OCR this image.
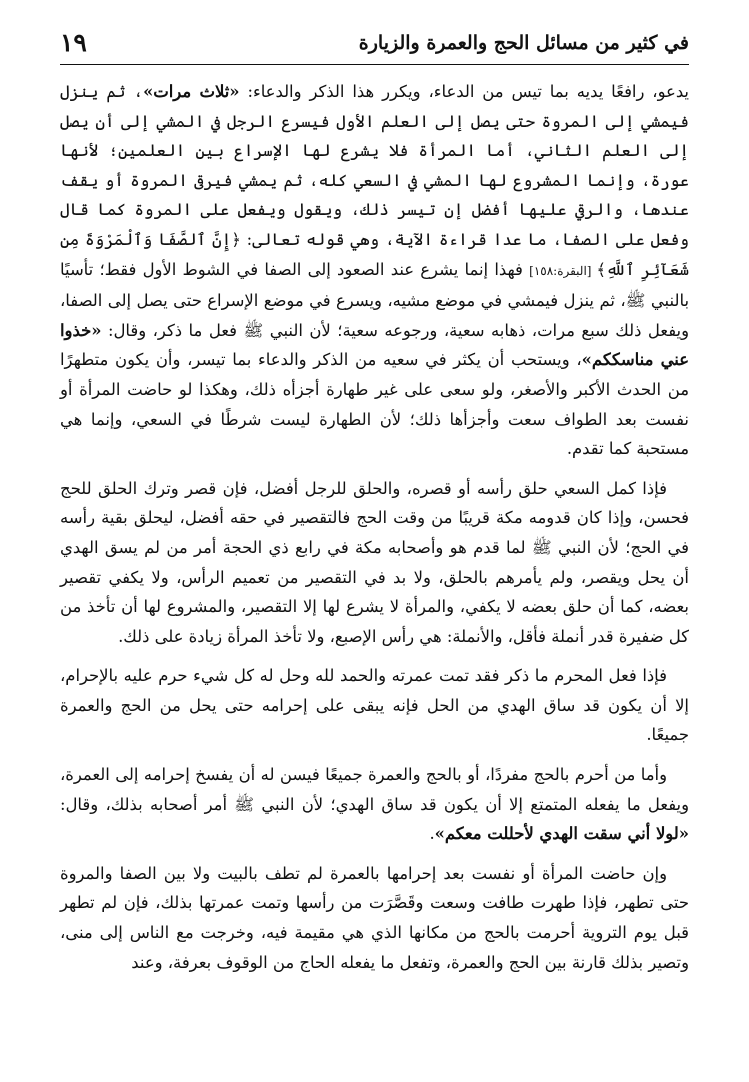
في كثير من مسائل الحج والعمرة والزيارة
١٩

يدعو، رافعًا يديه بما تيس من الدعاء، ويكرر هذا الذكر والدعاء: «ثلاث مرات»، ثم ينزل فيمشي إلى المروة حتى يصل إلى العلم الأول فيسرع الرجل في المشي إلى أن يصل إلى العلم الثاني، أما المرأة فلا يشرع لها الإسراع بين العلمين؛ لأنها عورة، وإنما المشروع لها المشي في السعي كله، ثم يمشي فيرقى المروة أو يقف عندها، والرقي عليها أفضل إن تيسر ذلك، ويقول ويفعل على المروة كما قال وفعل على الصفا، ما عدا قراءة الآية، وهي قوله تعالى: ﴿إِنَّ ٱلصَّفَا وَٱلْمَرْوَةَ مِن شَعَآئِرِ ٱللَّهِ﴾ [البقرة:١٥٨] فهذا إنما يشرع عند الصعود إلى الصفا في الشوط الأول فقط؛ تأسيًا بالنبي ﷺ، ثم ينزل فيمشي في موضع مشيه، ويسرع في موضع الإسراع حتى يصل إلى الصفا، ويفعل ذلك سبع مرات، ذهابه سعية، ورجوعه سعية؛ لأن النبي ﷺ فعل ما ذكر، وقال: «خذوا عني مناسككم»، ويستحب أن يكثر في سعيه من الذكر والدعاء بما تيسر، وأن يكون متطهرًا من الحدث الأكبر والأصغر، ولو سعى على غير طهارة أجزأه ذلك، وهكذا لو حاضت المرأة أو نفست بعد الطواف سعت وأجزأها ذلك؛ لأن الطهارة ليست شرطًا في السعي، وإنما هي مستحبة كما تقدم.

فإذا كمل السعي حلق رأسه أو قصره، والحلق للرجل أفضل، فإن قصر وترك الحلق للحج فحسن، وإذا كان قدومه مكة قريبًا من وقت الحج فالتقصير في حقه أفضل، ليحلق بقية رأسه في الحج؛ لأن النبي ﷺ لما قدم هو وأصحابه مكة في رابع ذي الحجة أمر من لم يسق الهدي أن يحل ويقصر، ولم يأمرهم بالحلق، ولا بد في التقصير من تعميم الرأس، ولا يكفي تقصير بعضه، كما أن حلق بعضه لا يكفي، والمرأة لا يشرع لها إلا التقصير، والمشروع لها أن تأخذ من كل ضفيرة قدر أنملة فأقل، والأنملة: هي رأس الإصبع، ولا تأخذ المرأة زيادة على ذلك.

فإذا فعل المحرم ما ذكر فقد تمت عمرته والحمد لله وحل له كل شيء حرم عليه بالإحرام، إلا أن يكون قد ساق الهدي من الحل فإنه يبقى على إحرامه حتى يحل من الحج والعمرة جميعًا.

وأما من أحرم بالحج مفردًا، أو بالحج والعمرة جميعًا فيسن له أن يفسخ إحرامه إلى العمرة، ويفعل ما يفعله المتمتع إلا أن يكون قد ساق الهدي؛ لأن النبي ﷺ أمر أصحابه بذلك، وقال: «لولا أني سقت الهدي لأحللت معكم».

وإن حاضت المرأة أو نفست بعد إحرامها بالعمرة لم تطف بالبيت ولا بين الصفا والمروة حتى تطهر، فإذا طهرت طافت وسعت وقَصَّرَت من رأسها وتمت عمرتها بذلك، فإن لم تطهر قبل يوم التروية أحرمت بالحج من مكانها الذي هي مقيمة فيه، وخرجت مع الناس إلى منى، وتصير بذلك قارنة بين الحج والعمرة، وتفعل ما يفعله الحاج من الوقوف بعرفة، وعند
